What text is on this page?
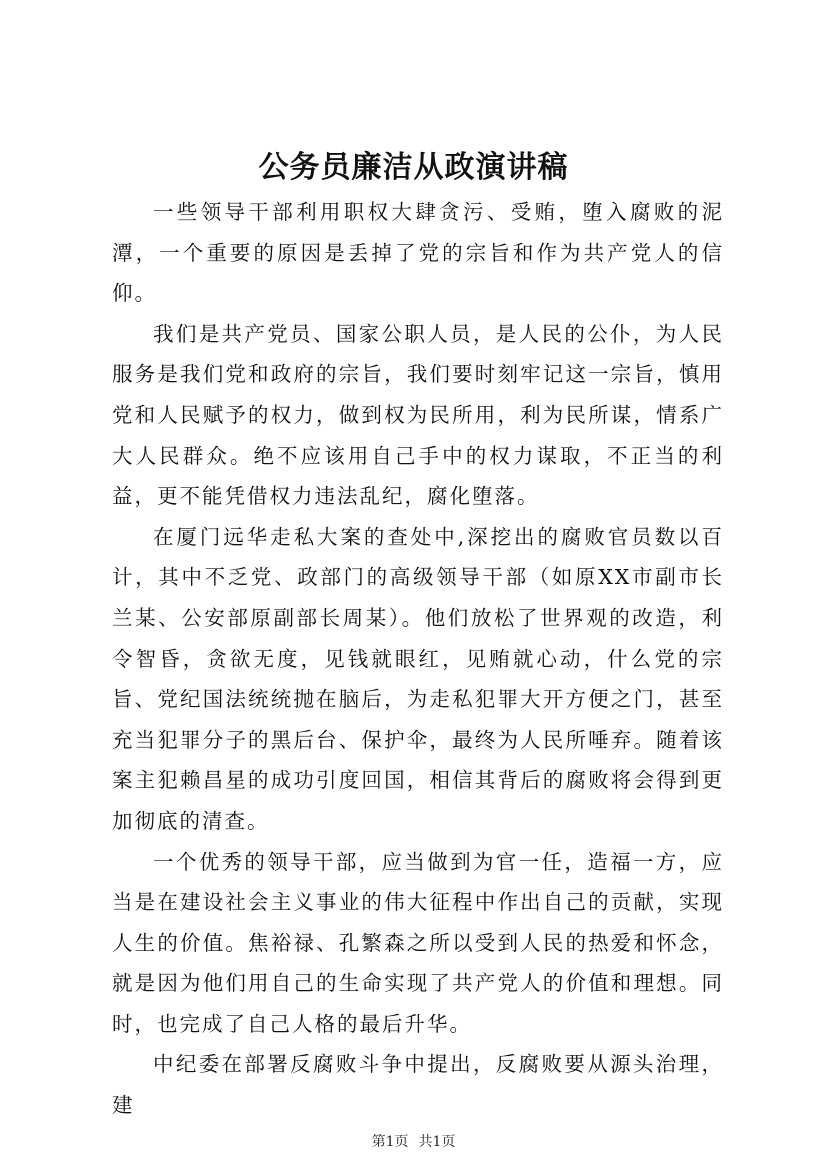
公务员廉洁从政演讲稿

一些领导干部利用职权大肆贪污、受贿，堕入腐败的泥潭，一个重要的原因是丢掉了党的宗旨和作为共产党人的信仰。

我们是共产党员、国家公职人员，是人民的公仆，为人民服务是我们党和政府的宗旨，我们要时刻牢记这一宗旨，慎用党和人民赋予的权力，做到权为民所用，利为民所谋，情系广大人民群众。绝不应该用自己手中的权力谋取，不正当的利益，更不能凭借权力违法乱纪，腐化堕落。

在厦门远华走私大案的查处中,深挖出的腐败官员数以百计，其中不乏党、政部门的高级领导干部（如原XX市副市长兰某、公安部原副部长周某）。他们放松了世界观的改造，利令智昏，贪欲无度，见钱就眼红，见贿就心动，什么党的宗旨、党纪国法统统抛在脑后，为走私犯罪大开方便之门，甚至充当犯罪分子的黑后台、保护伞，最终为人民所唾弃。随着该案主犯赖昌星的成功引度回国，相信其背后的腐败将会得到更加彻底的清查。

一个优秀的领导干部，应当做到为官一任，造福一方，应当是在建设社会主义事业的伟大征程中作出自己的贡献，实现人生的价值。焦裕禄、孔繁森之所以受到人民的热爱和怀念，就是因为他们用自己的生命实现了共产党人的价值和理想。同时，也完成了自己人格的最后升华。

中纪委在部署反腐败斗争中提出，反腐败要从源头治理，建

第1页 共1页
